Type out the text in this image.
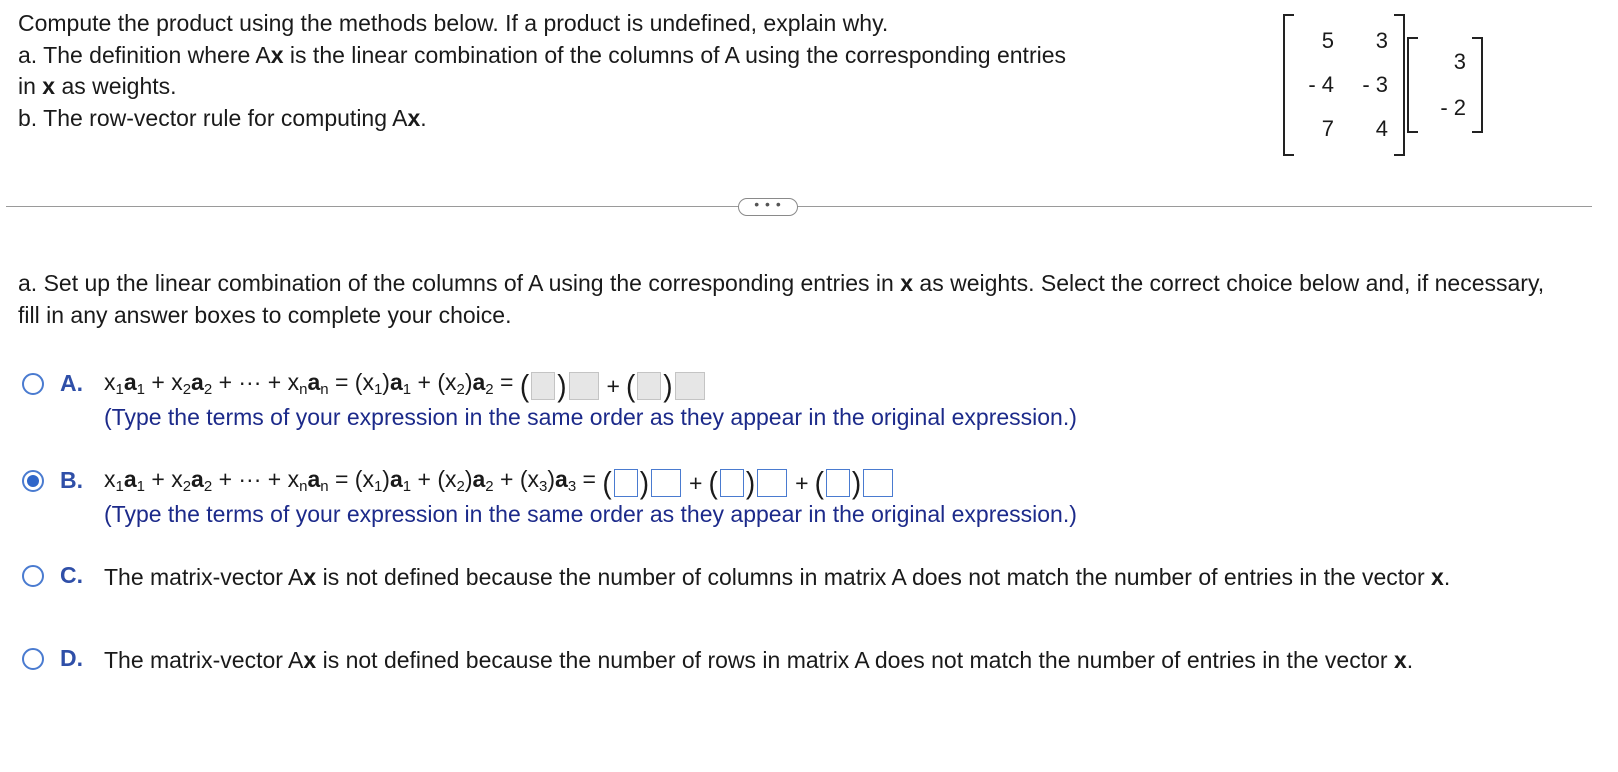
Compute the product using the methods below. If a product is undefined, explain why.

a. The definition where Ax is the linear combination of the columns of A using the corresponding entries

in x as weights.

b. The row-vector rule for computing Ax.

5	3
- 4	- 3
7	4
3
- 2
• • •
a. Set up the linear combination of the columns of A using the corresponding entries in x as weights. Select the correct choice below and, if necessary, fill in any answer boxes to complete your choice.
A. $x_1a_1 + x_2a_2$ + ··· + $x_na_n = (x_1)a_1 + (x_2)a_2$ = ( ) + ( )
(Type the terms of your expression in the same order as they appear in the original expression.)
B. $x_1a_1 + x_2a_2$ + ··· + $x_na_n = (x_1)a_1 + (x_2)a_2 + (x_3)a_3$ = ( ) + ( ) + ( )
(Type the terms of your expression in the same order as they appear in the original expression.)
C. The matrix-vector Ax is not defined because the number of columns in matrix A does not match the number of entries in the vector x.
D. The matrix-vector Ax is not defined because the number of rows in matrix A does not match the number of entries in the vector x.
